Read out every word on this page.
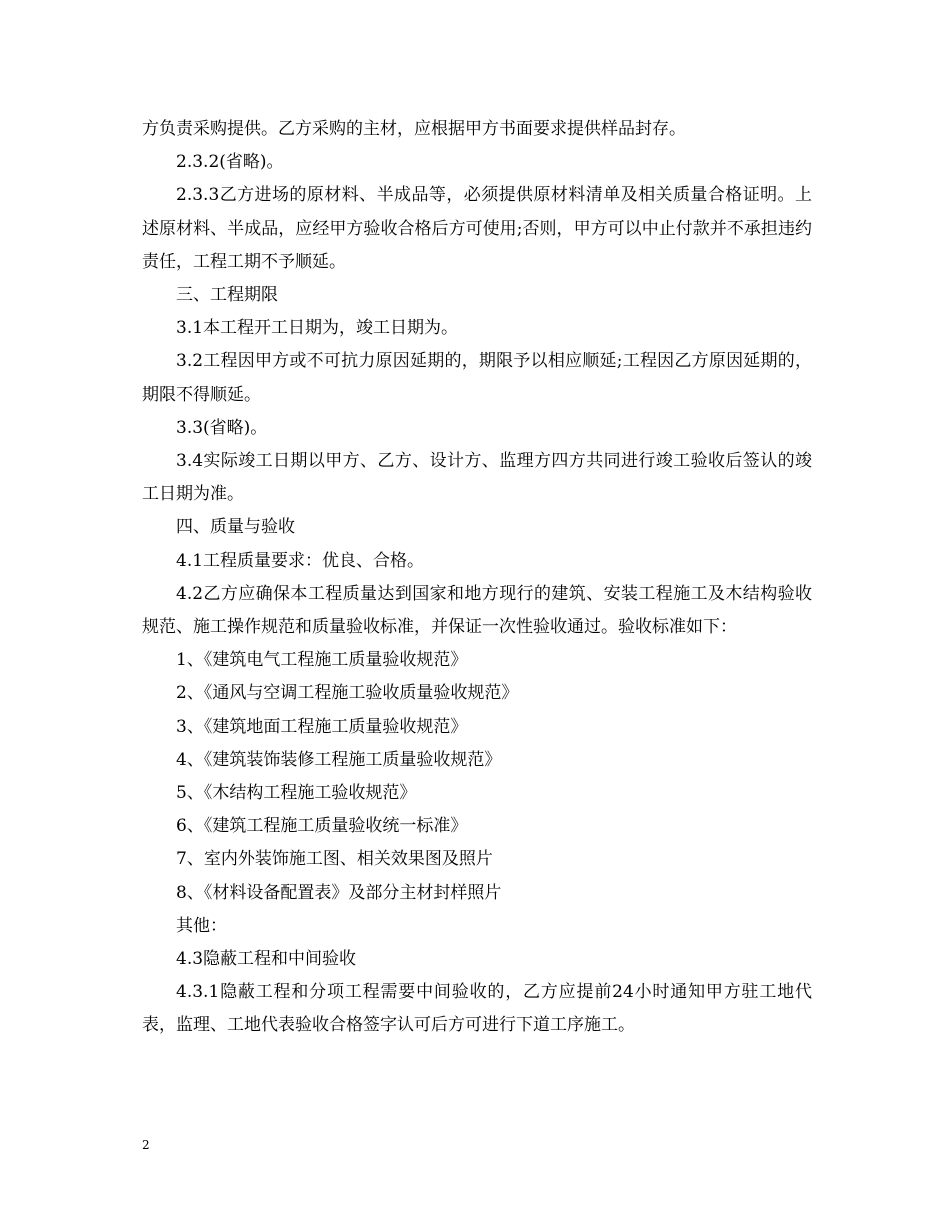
方负责采购提供。乙方采购的主材，应根据甲方书面要求提供样品封存。

2.3.2(省略)。

2.3.3乙方进场的原材料、半成品等，必须提供原材料清单及相关质量合格证明。上述原材料、半成品，应经甲方验收合格后方可使用;否则，甲方可以中止付款并不承担违约责任，工程工期不予顺延。

三、工程期限

3.1本工程开工日期为，竣工日期为。

3.2工程因甲方或不可抗力原因延期的，期限予以相应顺延;工程因乙方原因延期的，期限不得顺延。

3.3(省略)。

3.4实际竣工日期以甲方、乙方、设计方、监理方四方共同进行竣工验收后签认的竣工日期为准。

四、质量与验收

4.1工程质量要求：优良、合格。

4.2乙方应确保本工程质量达到国家和地方现行的建筑、安装工程施工及木结构验收规范、施工操作规范和质量验收标准，并保证一次性验收通过。验收标准如下：

1、《建筑电气工程施工质量验收规范》

2、《通风与空调工程施工验收质量验收规范》

3、《建筑地面工程施工质量验收规范》

4、《建筑装饰装修工程施工质量验收规范》

5、《木结构工程施工验收规范》

6、《建筑工程施工质量验收统一标准》

7、室内外装饰施工图、相关效果图及照片

8、《材料设备配置表》及部分主材封样照片

其他：

4.3隐蔽工程和中间验收

4.3.1隐蔽工程和分项工程需要中间验收的，乙方应提前24小时通知甲方驻工地代表，监理、工地代表验收合格签字认可后方可进行下道工序施工。

2
